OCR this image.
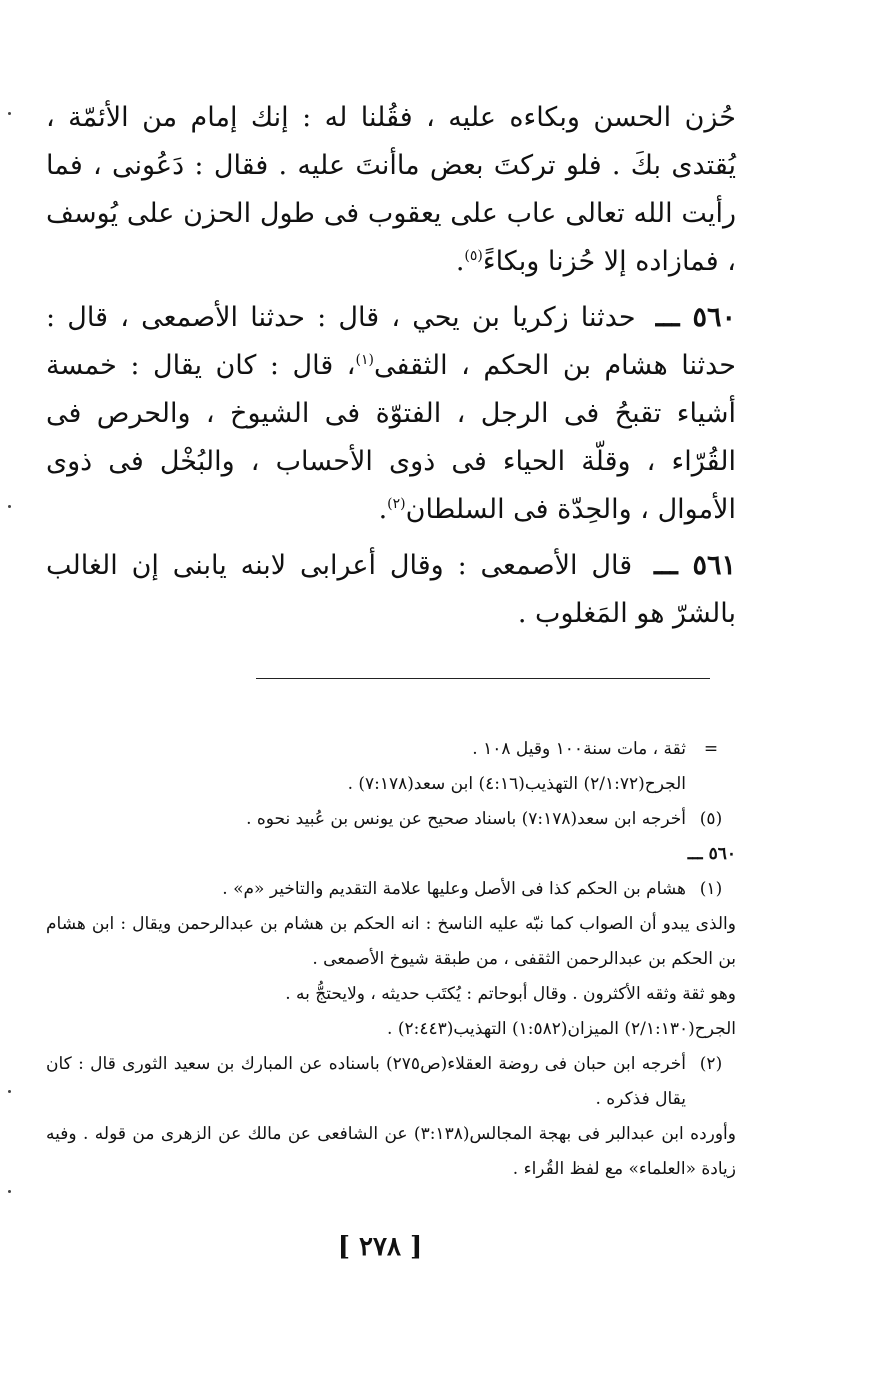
حُزن الحسن وبكاءه عليه ، فقُلنا له : إنك إمام من الأئمّة ، يُقتدى بكَ . فلو تركتَ بعض ماأنتَ عليه . فقال : دَعُونى ، فما رأيت الله تعالى عاب على يعقوب فى طول الحزن على يُوسف ، فمازاده إلا حُزنا وبكاءً$^{(٥)}$.

٥٦٠ ـــ حدثنا زكريا بن يحي ، قال : حدثنا الأصمعى ، قال : حدثنا هشام بن الحكم ، الثقفى$^{(١)}$، قال : كان يقال : خمسة أشياء تقبحُ فى الرجل ، الفتوّة فى الشيوخ ، والحرص فى القُرّاء ، وقلّة الحياء فى ذوى الأحساب ، والبُخْل فى ذوى الأموال ، والحِدّة فى السلطان$^{(٢)}$.

٥٦١ ـــ قال الأصمعى : وقال أعرابى لابنه يابنى إن الغالب بالشرّ هو المَغلوب .

=
ثقة ، مات سنة١٠٠ وقيل ١٠٨ .
الجرح(٢/١:٧٢) التهذيب(٤:١٦) ابن سعد(٧:١٧٨) .
(٥)
أخرجه ابن سعد(٧:١٧٨) باسناد صحيح عن يونس بن عُبيد نحوه .
٥٦٠ ـــ
(١)
هشام بن الحكم كذا فى الأصل وعليها علامة التقديم والتاخير «م» .
والذى يبدو أن الصواب كما نبّه عليه الناسخ : انه الحكم بن هشام بن عبدالرحمن ويقال : ابن هشام بن الحكم بن عبدالرحمن الثقفى ، من طبقة شيوخ الأصمعى .
وهو ثقة وثقه الأكثرون . وقال أبوحاتم : يُكتَب حديثه ، ولايحتجُّ به .
الجرح(٢/١:١٣٠) الميزان(١:٥٨٢) التهذيب(٢:٤٤٣) .
(٢)
أخرجه ابن حبان فى روضة العقلاء(ص٢٧٥) باسناده عن المبارك بن سعيد الثورى قال : كان يقال فذكره .
وأورده ابن عبدالبر فى بهجة المجالس(٣:١٣٨) عن الشافعى عن مالك عن الزهرى من قوله . وفيه زيادة «العلماء» مع لفظ القُراء .
[ ٢٧٨ ]
